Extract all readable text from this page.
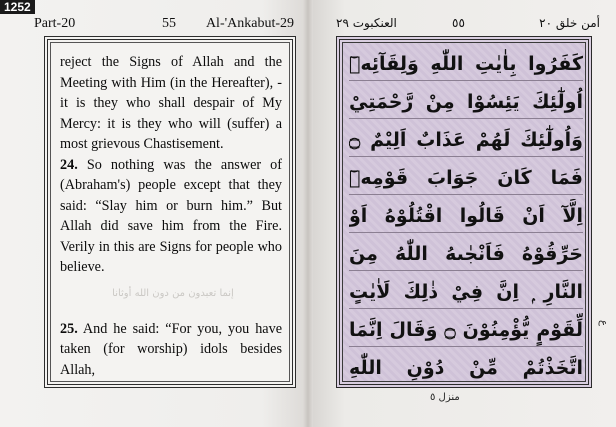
1252
Part-20	55 Al-'Ankabut-29	العنكبوت ٢٩	٥٥	أمن خلق ٢٠

reject the Signs of Allah and the Meeting with Him (in the Hereafter), - it is they who shall despair of My Mercy: it is they who will (suffer) a most grievous Chastisement.

24. So nothing was the answer of (Abraham's) people except that they said: “Slay him or burn him.” But Allah did save him from the Fire. Verily in this are Signs for people who believe.

25. And he said: “For you, you have taken (for worship) idols besides Allah,

إنما تعبدون من دون الله أوثانا
كَفَرُوا بِاٰيٰتِ اللّٰهِ وَلِقَآئِهٖٓ
اُولٰٓئِكَ يَئِسُوْا مِنْ رَّحْمَتِيْ
وَاُولٰٓئِكَ لَهُمْ عَذَابٌ اَلِيْمٌ ۝
فَمَا كَانَ جَوَابَ قَوْمِهٖٓ
اِلَّآ اَنْ قَالُوا اقْتُلُوْهُ اَوْ
حَرِّقُوْهُ فَاَنْجٰىهُ اللّٰهُ مِنَ
النَّارِ ۭ اِنَّ فِيْ ذٰلِكَ لَاٰيٰتٍ
لِّقَوْمٍ يُّؤْمِنُوْنَ ۝ وَقَالَ اِنَّمَا
اتَّخَذْتُمْ مِّنْ دُوْنِ اللّٰهِ
ع
منزل ٥
